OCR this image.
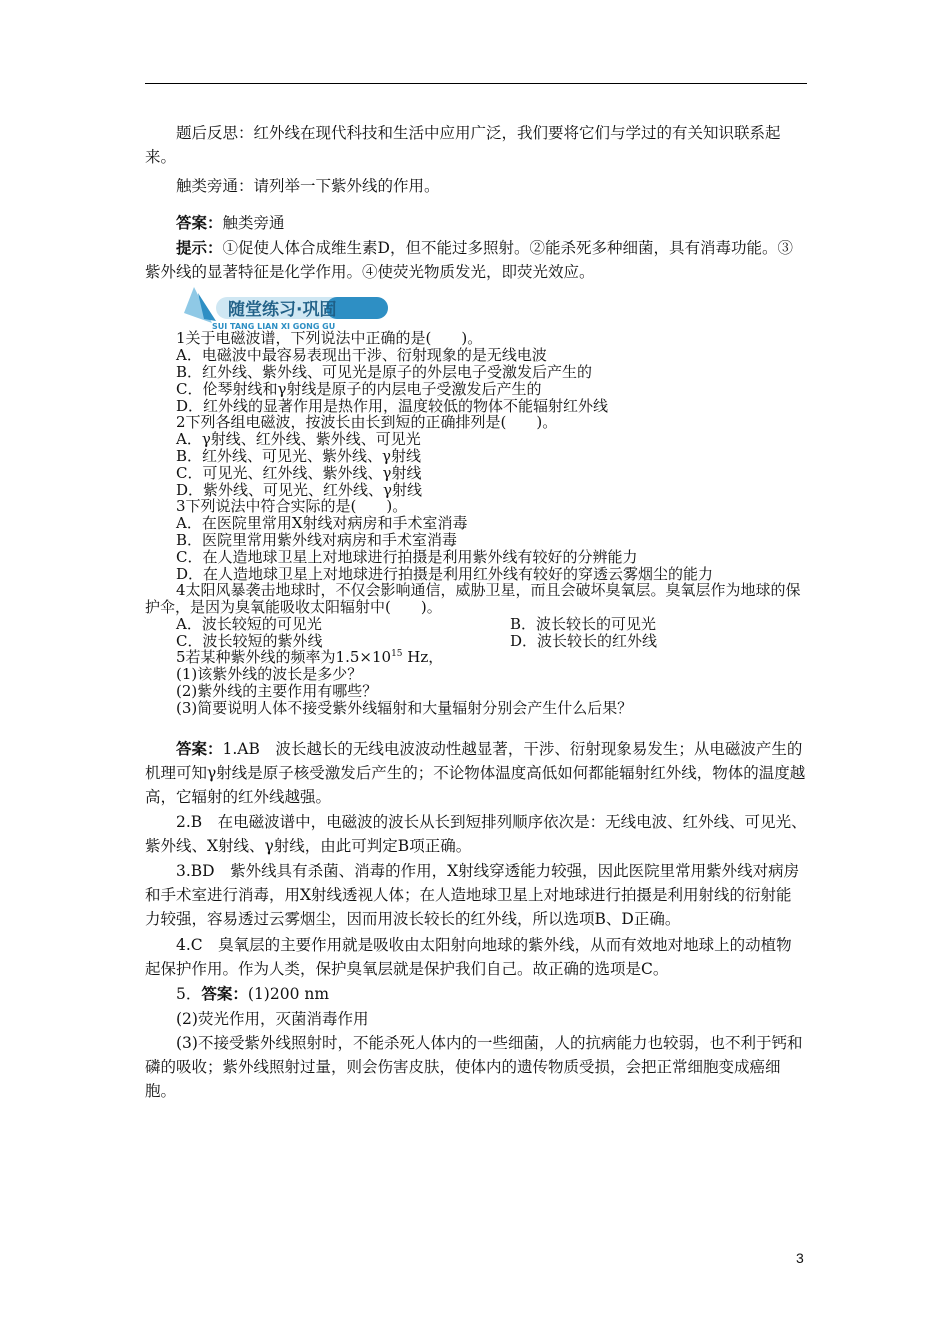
题后反思：红外线在现代科技和生活中应用广泛，我们要将它们与学过的有关知识联系起来。
触类旁通：请列举一下紫外线的作用。
答案：触类旁通
提示：①促使人体合成维生素D，但不能过多照射。②能杀死多种细菌，具有消毒功能。③紫外线的显著特征是化学作用。④使荧光物质发光，即荧光效应。
随堂练习·巩固
SUI TANG LIAN XI GONG GU
1关于电磁波谱，下列说法中正确的是(　　)。
A．电磁波中最容易表现出干涉、衍射现象的是无线电波
B．红外线、紫外线、可见光是原子的外层电子受激发后产生的
C．伦琴射线和γ射线是原子的内层电子受激发后产生的
D．红外线的显著作用是热作用，温度较低的物体不能辐射红外线
2下列各组电磁波，按波长由长到短的正确排列是(　　)。
A．γ射线、红外线、紫外线、可见光
B．红外线、可见光、紫外线、γ射线
C．可见光、红外线、紫外线、γ射线
D．紫外线、可见光、红外线、γ射线
3下列说法中符合实际的是(　　)。
A．在医院里常用X射线对病房和手术室消毒
B．医院里常用紫外线对病房和手术室消毒
C．在人造地球卫星上对地球进行拍摄是利用紫外线有较好的分辨能力
D．在人造地球卫星上对地球进行拍摄是利用红外线有较好的穿透云雾烟尘的能力
4太阳风暴袭击地球时，不仅会影响通信，威胁卫星，而且会破坏臭氧层。臭氧层作为地球的保护伞，是因为臭氧能吸收太阳辐射中(　　)。
A．波长较短的可见光	B．波长较长的可见光
C．波长较短的紫外线	D．波长较长的红外线
5若某种紫外线的频率为$1.5\times 10^{15}$ Hz，
(1)该紫外线的波长是多少？
(2)紫外线的主要作用有哪些？
(3)简要说明人体不接受紫外线辐射和大量辐射分别会产生什么后果？
答案：1.AB　波长越长的无线电波波动性越显著，干涉、衍射现象易发生；从电磁波产生的机理可知γ射线是原子核受激发后产生的；不论物体温度高低如何都能辐射红外线，物体的温度越高，它辐射的红外线越强。
2.B　在电磁波谱中，电磁波的波长从长到短排列顺序依次是：无线电波、红外线、可见光、紫外线、X射线、γ射线，由此可判定B项正确。
3.BD　紫外线具有杀菌、消毒的作用，X射线穿透能力较强，因此医院里常用紫外线对病房和手术室进行消毒，用X射线透视人体；在人造地球卫星上对地球进行拍摄是利用射线的衍射能力较强，容易透过云雾烟尘，因而用波长较长的红外线，所以选项B、D正确。
4.C　臭氧层的主要作用就是吸收由太阳射向地球的紫外线，从而有效地对地球上的动植物起保护作用。作为人类，保护臭氧层就是保护我们自己。故正确的选项是C。
5．答案：(1)200 nm
(2)荧光作用，灭菌消毒作用
(3)不接受紫外线照射时，不能杀死人体内的一些细菌，人的抗病能力也较弱，也不利于钙和磷的吸收；紫外线照射过量，则会伤害皮肤，使体内的遗传物质受损，会把正常细胞变成癌细胞。
3
